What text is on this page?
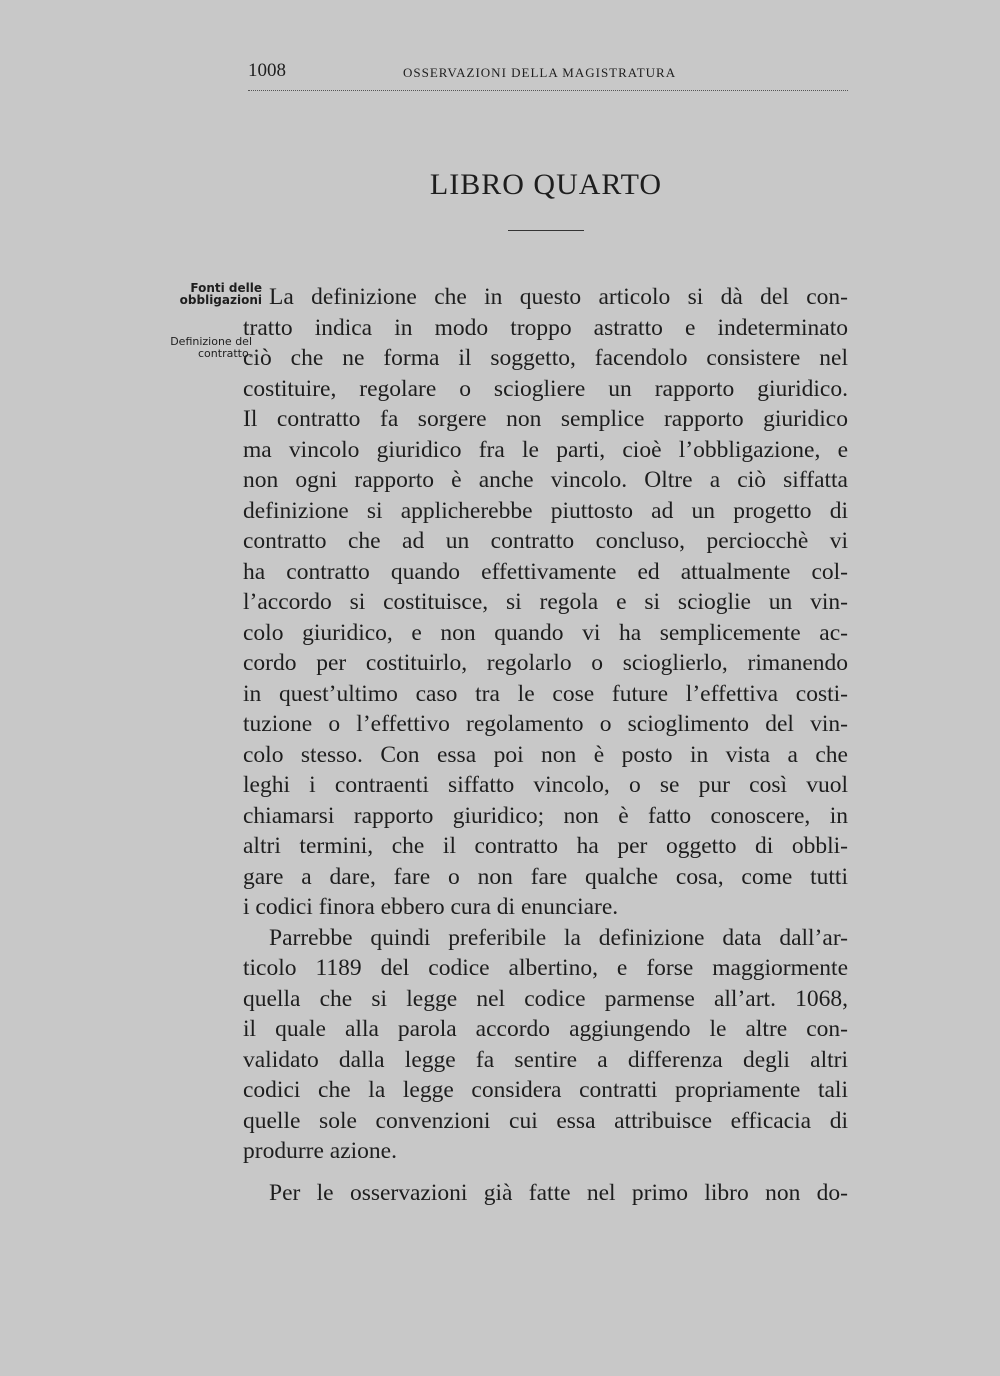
1008	OSSERVAZIONI DELLA MAGISTRATURA
LIBRO QUARTO
Fonti delle
obbligazioni
Definizione del
contratto.
La definizione che in questo articolo si dà del con-
tratto indica in modo troppo astratto e indeterminato
ciò che ne forma il soggetto, facendolo consistere nel
costituire, regolare o sciogliere un rapporto giuridico.
Il contratto fa sorgere non semplice rapporto giuridico
ma vincolo giuridico fra le parti, cioè l’obbligazione, e
non ogni rapporto è anche vincolo. Oltre a ciò siffatta
definizione si applicherebbe piuttosto ad un progetto di
contratto che ad un contratto concluso, perciocchè vi
ha contratto quando effettivamente ed attualmente col-
l’accordo si costituisce, si regola e si scioglie un vin-
colo giuridico, e non quando vi ha semplicemente ac-
cordo per costituirlo, regolarlo o scioglierlo, rimanendo
in quest’ultimo caso tra le cose future l’effettiva costi-
tuzione o l’effettivo regolamento o scioglimento del vin-
colo stesso. Con essa poi non è posto in vista a che
leghi i contraenti siffatto vincolo, o se pur così vuol
chiamarsi rapporto giuridico; non è fatto conoscere, in
altri termini, che il contratto ha per oggetto di obbli-
gare a dare, fare o non fare qualche cosa, come tutti
i codici finora ebbero cura di enunciare.
Parrebbe quindi preferibile la definizione data dall’ar-
ticolo 1189 del codice albertino, e forse maggiormente
quella che si legge nel codice parmense all’art. 1068,
il quale alla parola accordo aggiungendo le altre con-
validato dalla legge fa sentire a differenza degli altri
codici che la legge considera contratti propriamente tali
quelle sole convenzioni cui essa attribuisce efficacia di
produrre azione.
Per le osservazioni già fatte nel primo libro non do-
